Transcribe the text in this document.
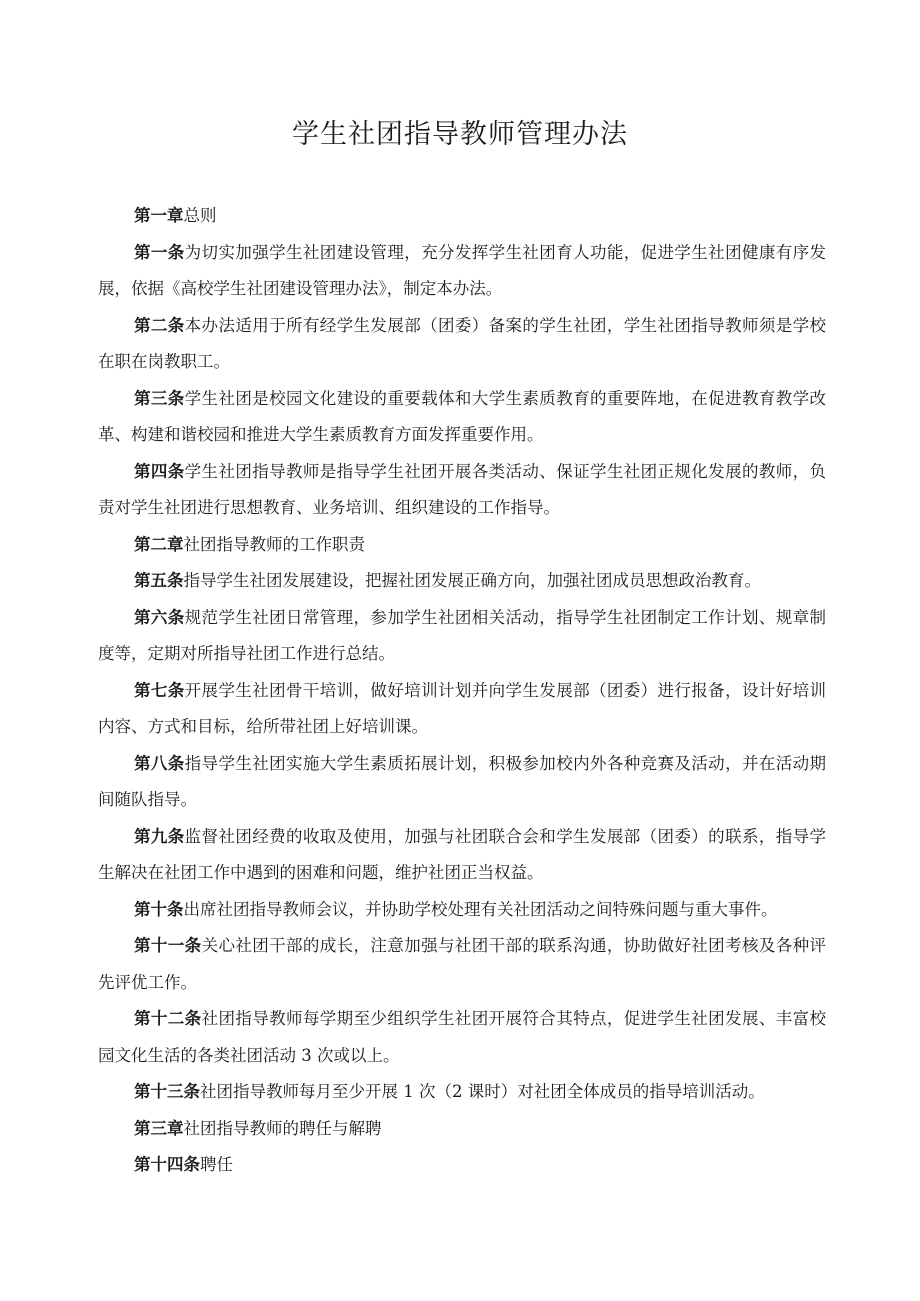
学生社团指导教师管理办法

第一章总则

第一条为切实加强学生社团建设管理，充分发挥学生社团育人功能，促进学生社团健康有序发展，依据《高校学生社团建设管理办法》，制定本办法。

第二条本办法适用于所有经学生发展部（团委）备案的学生社团，学生社团指导教师须是学校在职在岗教职工。

第三条学生社团是校园文化建设的重要载体和大学生素质教育的重要阵地，在促进教育教学改革、构建和谐校园和推进大学生素质教育方面发挥重要作用。

第四条学生社团指导教师是指导学生社团开展各类活动、保证学生社团正规化发展的教师，负责对学生社团进行思想教育、业务培训、组织建设的工作指导。

第二章社团指导教师的工作职责

第五条指导学生社团发展建设，把握社团发展正确方向，加强社团成员思想政治教育。

第六条规范学生社团日常管理，参加学生社团相关活动，指导学生社团制定工作计划、规章制度等，定期对所指导社团工作进行总结。

第七条开展学生社团骨干培训，做好培训计划并向学生发展部（团委）进行报备，设计好培训内容、方式和目标，给所带社团上好培训课。

第八条指导学生社团实施大学生素质拓展计划，积极参加校内外各种竞赛及活动，并在活动期间随队指导。

第九条监督社团经费的收取及使用，加强与社团联合会和学生发展部（团委）的联系，指导学生解决在社团工作中遇到的困难和问题，维护社团正当权益。

第十条出席社团指导教师会议，并协助学校处理有关社团活动之间特殊问题与重大事件。

第十一条关心社团干部的成长，注意加强与社团干部的联系沟通，协助做好社团考核及各种评先评优工作。

第十二条社团指导教师每学期至少组织学生社团开展符合其特点，促进学生社团发展、丰富校园文化生活的各类社团活动 3 次或以上。

第十三条社团指导教师每月至少开展 1 次（2 课时）对社团全体成员的指导培训活动。

第三章社团指导教师的聘任与解聘

第十四条聘任
